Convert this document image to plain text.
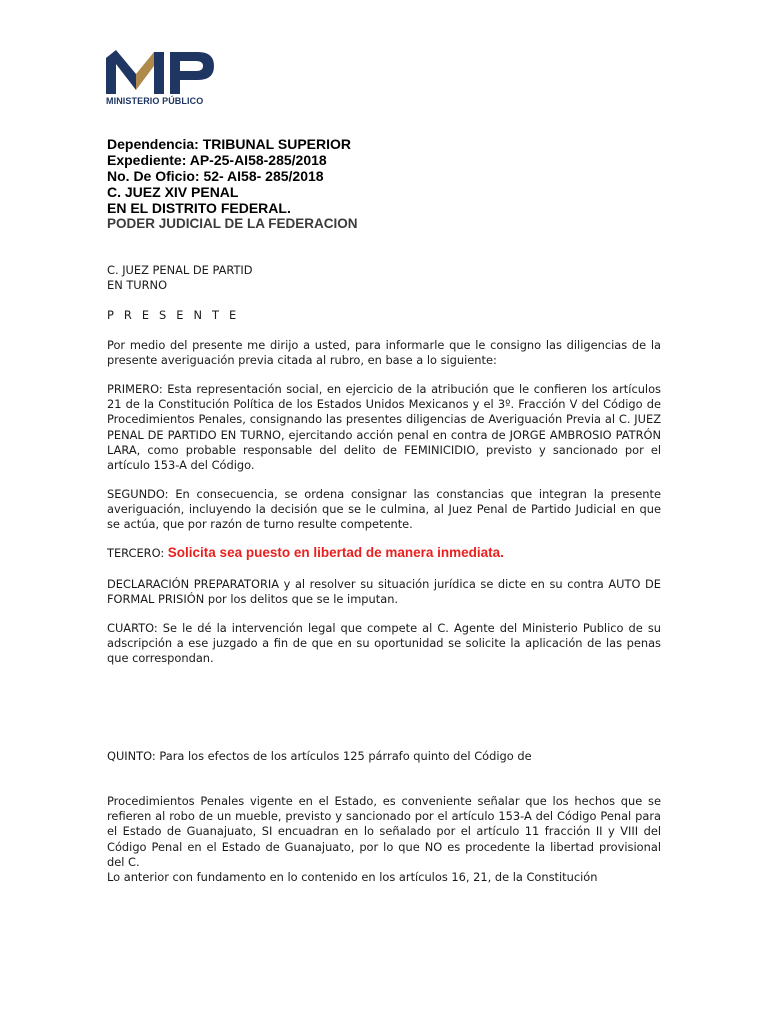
MINISTERIO PÚBLICO
Dependencia: TRIBUNAL SUPERIOR
Expediente: AP-25-AI58-285/2018
No. De Oficio: 52- AI58- 285/2018
C. JUEZ XIV PENAL
EN EL DISTRITO FEDERAL.
PODER JUDICIAL DE LA FEDERACION
C. JUEZ PENAL DE PARTID
EN TURNO
P R E S E N T E
Por medio del presente me dirijo a usted, para informarle que le consigno las diligencias de la presente averiguación previa citada al rubro, en base a lo siguiente:
PRIMERO: Esta representación social, en ejercicio de la atribución que le confieren los artículos 21 de la Constitución Política de los Estados Unidos Mexicanos y el 3º. Fracción V del Código de Procedimientos Penales, consignando las presentes diligencias de Averiguación Previa al C. JUEZ PENAL DE PARTIDO EN TURNO, ejercitando acción penal en contra de JORGE AMBROSIO PATRÓN LARA, como probable responsable del delito de FEMINICIDIO, previsto y sancionado por el artículo 153-A del Código.
SEGUNDO: En consecuencia, se ordena consignar las constancias que integran la presente averiguación, incluyendo la decisión que se le culmina, al Juez Penal de Partido Judicial en que se actúa, que por razón de turno resulte competente.
TERCERO: Solicita sea puesto en libertad de manera inmediata.
DECLARACIÓN PREPARATORIA y al resolver su situación jurídica se dicte en su contra AUTO DE FORMAL PRISIÓN por los delitos que se le imputan.
CUARTO: Se le dé la intervención legal que compete al C. Agente del Ministerio Publico de su adscripción a ese juzgado a fin de que en su oportunidad se solicite la aplicación de las penas que correspondan.
QUINTO: Para los efectos de los artículos 125 párrafo quinto del Código de
Procedimientos Penales vigente en el Estado, es conveniente señalar que los hechos que se refieren al robo de un mueble, previsto y sancionado por el artículo 153-A del Código Penal para el Estado de Guanajuato, SI encuadran en lo señalado por el artículo 11 fracción II y VIII del Código Penal en el Estado de Guanajuato, por lo que NO es procedente la libertad provisional del C.
Lo anterior con fundamento en lo contenido en los artículos 16, 21, de la Constitución
